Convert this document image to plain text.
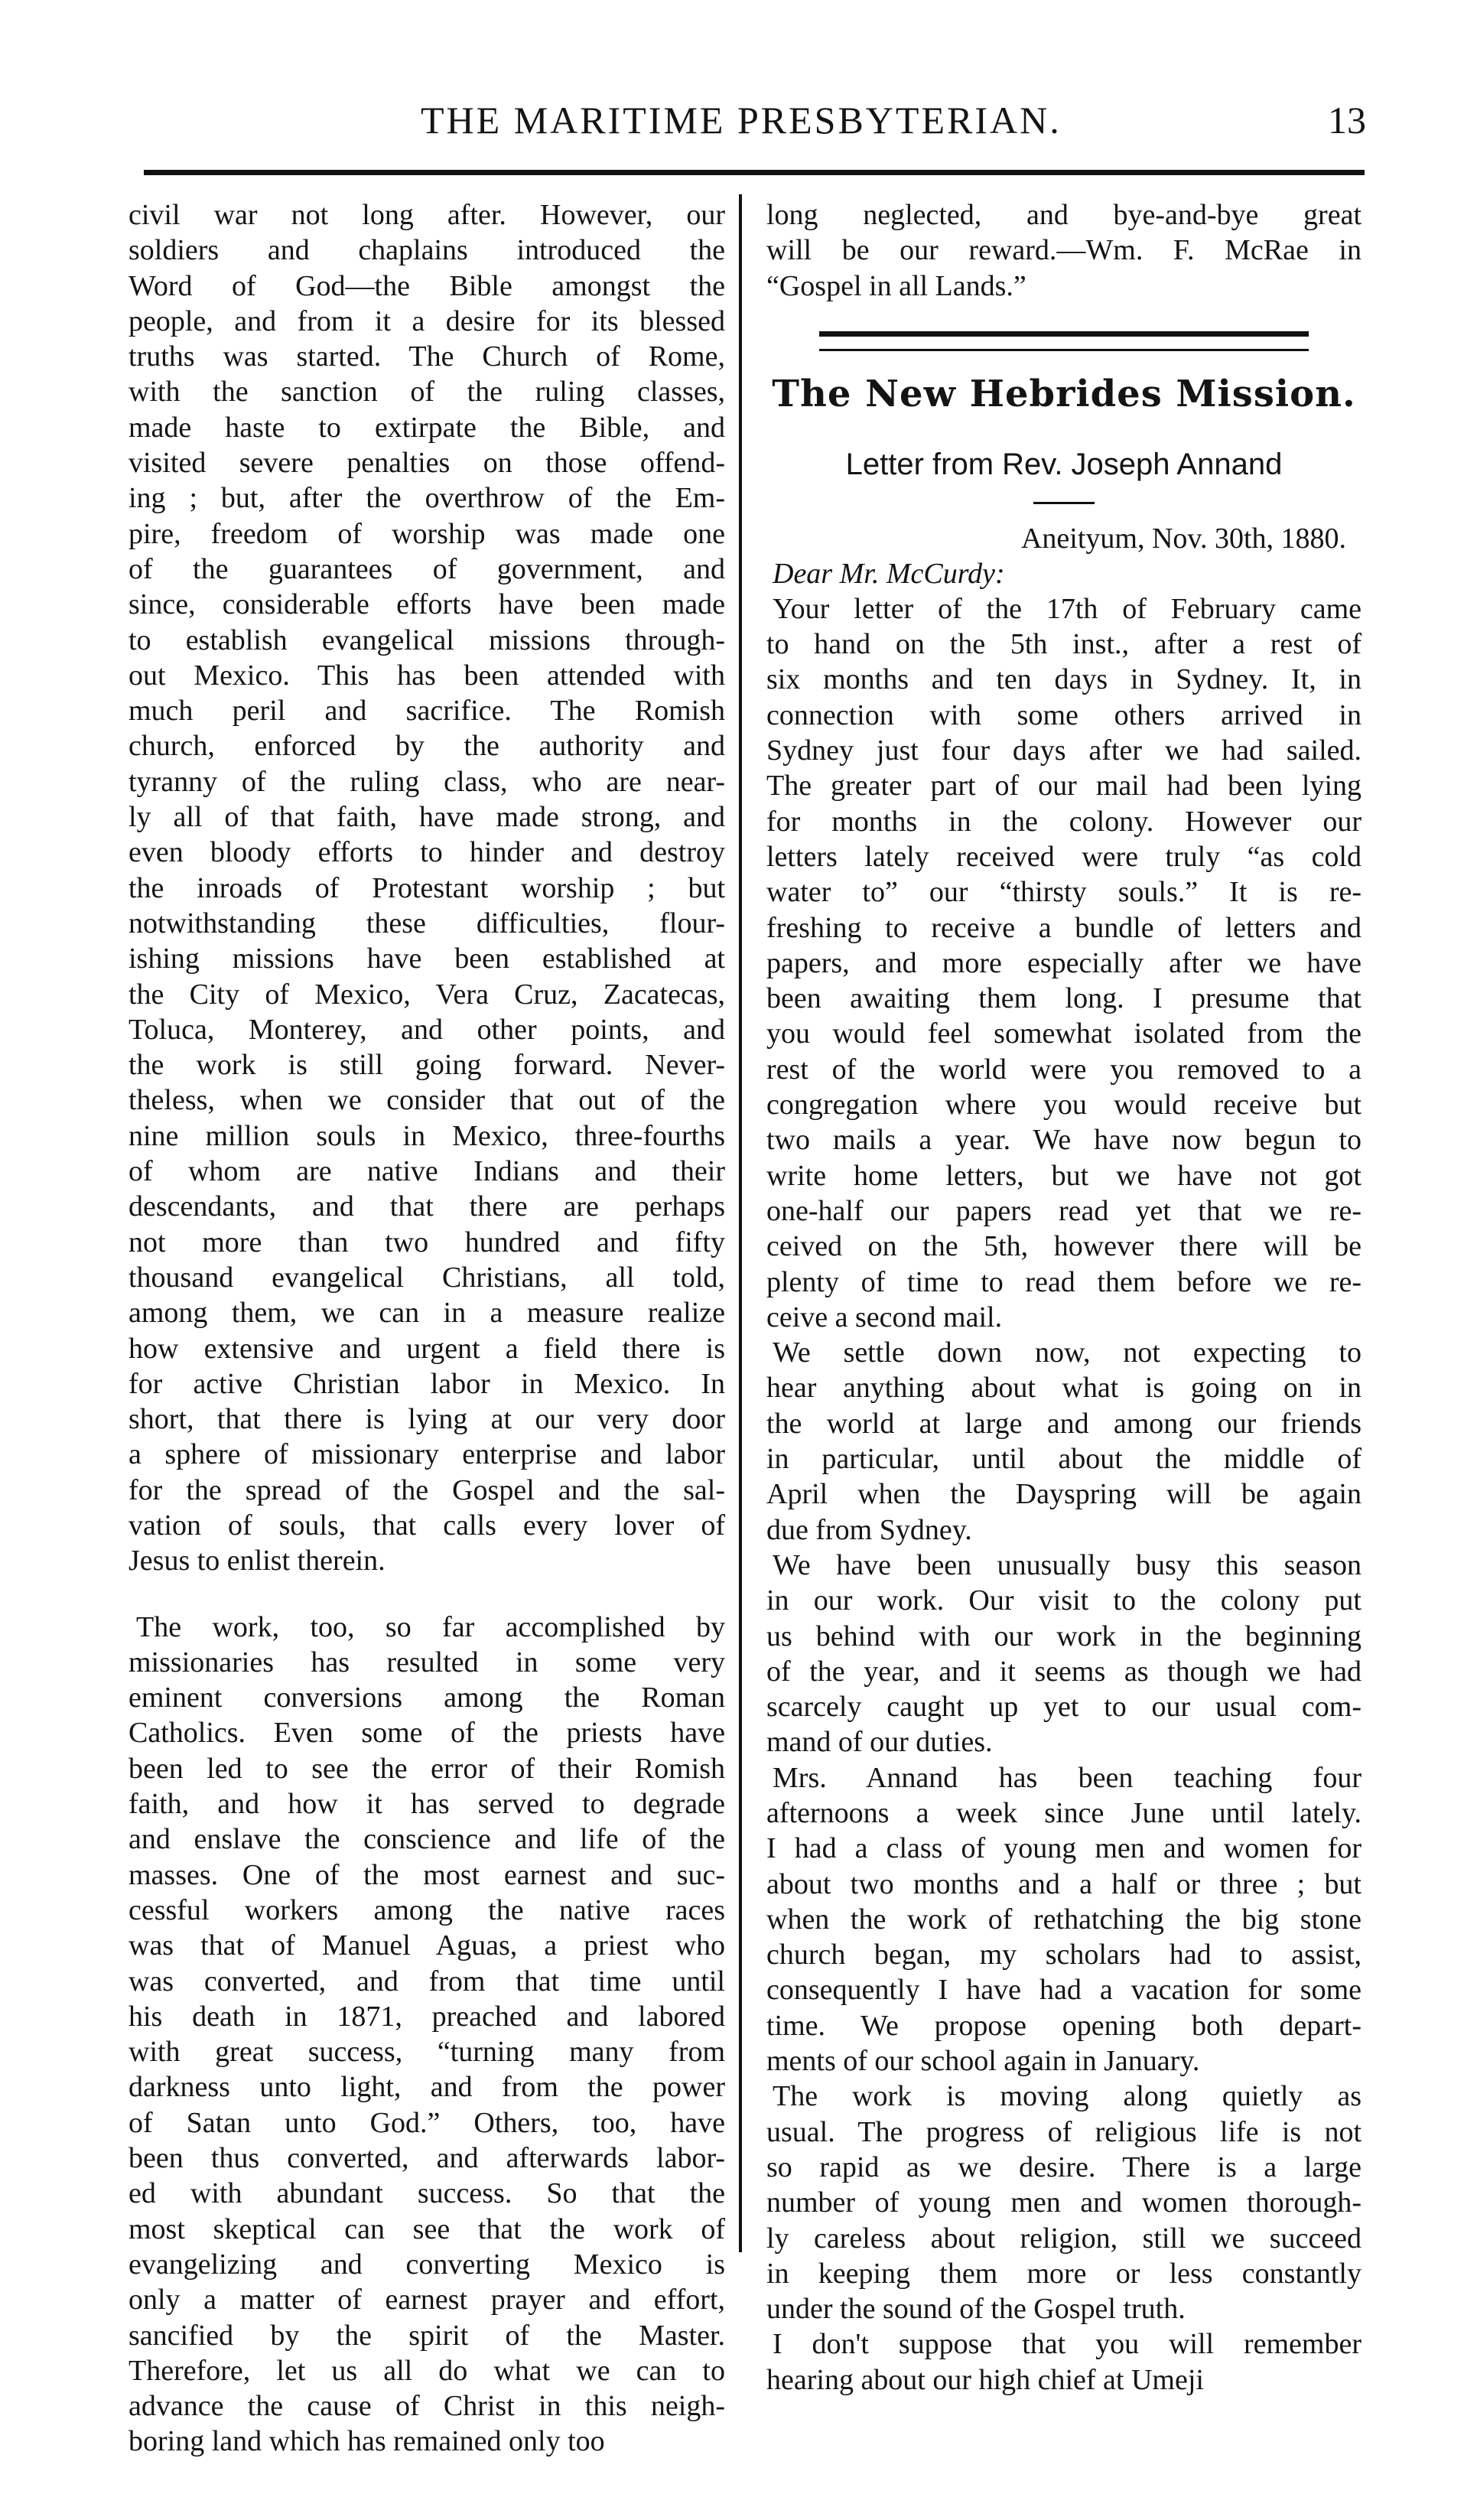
THE MARITIME PRESBYTERIAN.	13
civil war not long after. However, our
soldiers and chaplains introduced the
Word of God—the Bible amongst the
people, and from it a desire for its blessed
truths was started. The Church of Rome,
with the sanction of the ruling classes,
made haste to extirpate the Bible, and
visited severe penalties on those offend-
ing ; but, after the overthrow of the Em-
pire, freedom of worship was made one
of the guarantees of government, and
since, considerable efforts have been made
to establish evangelical missions through-
out Mexico. This has been attended with
much peril and sacrifice. The Romish
church, enforced by the authority and
tyranny of the ruling class, who are near-
ly all of that faith, have made strong, and
even bloody efforts to hinder and destroy
the inroads of Protestant worship ; but
notwithstanding these difficulties, flour-
ishing missions have been established at
the City of Mexico, Vera Cruz, Zacatecas,
Toluca, Monterey, and other points, and
the work is still going forward. Never-
theless, when we consider that out of the
nine million souls in Mexico, three-fourths
of whom are native Indians and their
descendants, and that there are perhaps
not more than two hundred and fifty
thousand evangelical Christians, all told,
among them, we can in a measure realize
how extensive and urgent a field there is
for active Christian labor in Mexico. In
short, that there is lying at our very door
a sphere of missionary enterprise and labor
for the spread of the Gospel and the sal-
vation of souls, that calls every lover of
Jesus to enlist therein.
The work, too, so far accomplished by
missionaries has resulted in some very
eminent conversions among the Roman
Catholics. Even some of the priests have
been led to see the error of their Romish
faith, and how it has served to degrade
and enslave the conscience and life of the
masses. One of the most earnest and suc-
cessful workers among the native races
was that of Manuel Aguas, a priest who
was converted, and from that time until
his death in 1871, preached and labored
with great success, “turning many from
darkness unto light, and from the power
of Satan unto God.” Others, too, have
been thus converted, and afterwards labor-
ed with abundant success. So that the
most skeptical can see that the work of
evangelizing and converting Mexico is
only a matter of earnest prayer and effort,
sancified by the spirit of the Master.
Therefore, let us all do what we can to
advance the cause of Christ in this neigh-
boring land which has remained only too
long neglected, and bye-and-bye great
will be our reward.—Wm. F. McRae in
“Gospel in all Lands.”
The New Hebrides Mission.
Letter from Rev. Joseph Annand
Aneityum, Nov. 30th, 1880.
Dear Mr. McCurdy:
Your letter of the 17th of February came
to hand on the 5th inst., after a rest of
six months and ten days in Sydney. It, in
connection with some others arrived in
Sydney just four days after we had sailed.
The greater part of our mail had been lying
for months in the colony. However our
letters lately received were truly “as cold
water to” our “thirsty souls.” It is re-
freshing to receive a bundle of letters and
papers, and more especially after we have
been awaiting them long. I presume that
you would feel somewhat isolated from the
rest of the world were you removed to a
congregation where you would receive but
two mails a year. We have now begun to
write home letters, but we have not got
one-half our papers read yet that we re-
ceived on the 5th, however there will be
plenty of time to read them before we re-
ceive a second mail.
We settle down now, not expecting to
hear anything about what is going on in
the world at large and among our friends
in particular, until about the middle of
April when the Dayspring will be again
due from Sydney.
We have been unusually busy this season
in our work. Our visit to the colony put
us behind with our work in the beginning
of the year, and it seems as though we had
scarcely caught up yet to our usual com-
mand of our duties.
Mrs. Annand has been teaching four
afternoons a week since June until lately.
I had a class of young men and women for
about two months and a half or three ; but
when the work of rethatching the big stone
church began, my scholars had to assist,
consequently I have had a vacation for some
time. We propose opening both depart-
ments of our school again in January.
The work is moving along quietly as
usual. The progress of religious life is not
so rapid as we desire. There is a large
number of young men and women thorough-
ly careless about religion, still we succeed
in keeping them more or less constantly
under the sound of the Gospel truth.
I don't suppose that you will remember
hearing about our high chief at Umeji
